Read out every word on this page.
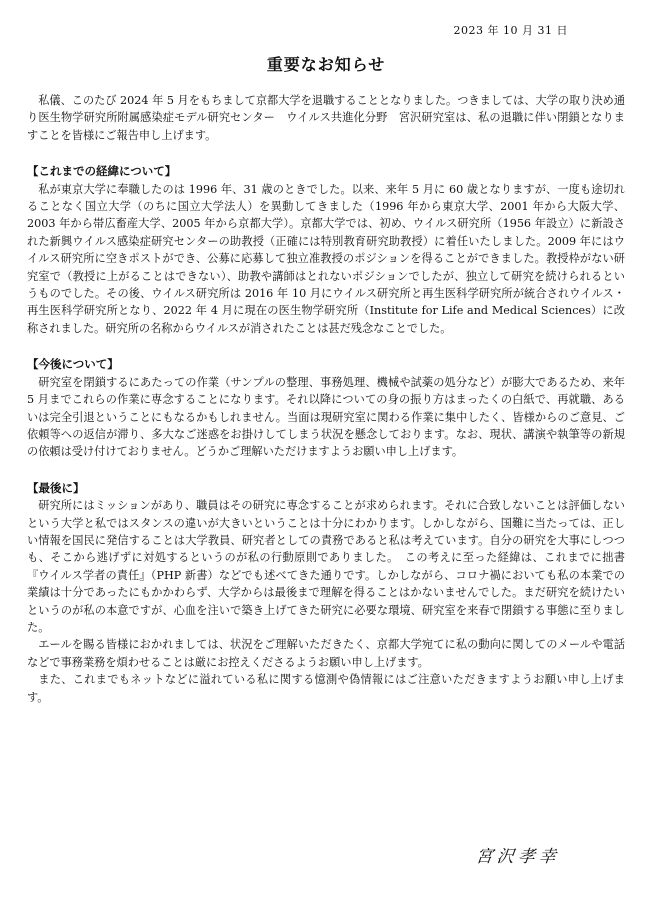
2023 年 10 月 31 日
重要なお知らせ

私儀、このたび 2024 年 5 月をもちまして京都大学を退職することとなりました。つきましては、大学の取り決め通り医生物学研究所附属感染症モデル研究センター　ウイルス共進化分野　宮沢研究室は、私の退職に伴い閉鎖となりますことを皆様にご報告申し上げます。

【これまでの経緯について】

私が東京大学に奉職したのは 1996 年、31 歳のときでした。以来、来年 5 月に 60 歳となりますが、一度も途切れることなく国立大学（のちに国立大学法人）を異動してきました（1996 年から東京大学、2001 年から大阪大学、2003 年から帯広畜産大学、2005 年から京都大学）。京都大学では、初め、ウイルス研究所（1956 年設立）に新設された新興ウイルス感染症研究センターの助教授（正確には特別教育研究助教授）に着任いたしました。2009 年にはウイルス研究所に空きポストができ、公募に応募して独立准教授のポジションを得ることができました。教授枠がない研究室で（教授に上がることはできない）、助教や講師はとれないポジションでしたが、独立して研究を続けられるというものでした。その後、ウイルス研究所は 2016 年 10 月にウイルス研究所と再生医科学研究所が統合されウイルス・再生医科学研究所となり、2022 年 4 月に現在の医生物学研究所（Institute for Life and Medical Sciences）に改称されました。研究所の名称からウイルスが消されたことは甚だ残念なことでした。

【今後について】

研究室を閉鎖するにあたっての作業（サンプルの整理、事務処理、機械や試薬の処分など）が膨大であるため、来年 5 月までこれらの作業に専念することになります。それ以降についての身の振り方はまったくの白紙で、再就職、あるいは完全引退ということにもなるかもしれません。当面は現研究室に関わる作業に集中したく、皆様からのご意見、ご依頼等への返信が滞り、多大なご迷惑をお掛けしてしまう状況を懸念しております。なお、現状、講演や執筆等の新規の依頼は受け付けておりません。どうかご理解いただけますようお願い申し上げます。

【最後に】

研究所にはミッションがあり、職員はその研究に専念することが求められます。それに合致しないことは評価しないという大学と私ではスタンスの違いが大きいということは十分にわかります。しかしながら、国難に当たっては、正しい情報を国民に発信することは大学教員、研究者としての責務であると私は考えています。自分の研究を大事にしつつも、そこから逃げずに対処するというのが私の行動原則でありました。　この考えに至った経緯は、これまでに拙書『ウイルス学者の責任』（PHP 新書）などでも述べてきた通りです。しかしながら、コロナ禍においても私の本業での業績は十分であったにもかかわらず、大学からは最後まで理解を得ることはかないませんでした。まだ研究を続けたいというのが私の本意ですが、心血を注いで築き上げてきた研究に必要な環境、研究室を来春で閉鎖する事態に至りました。

エールを賜る皆様におかれましては、状況をご理解いただきたく、京都大学宛てに私の動向に関してのメールや電話などで事務業務を煩わせることは厳にお控えくださるようお願い申し上げます。

また、これまでもネットなどに溢れている私に関する憶測や偽情報にはご注意いただきますようお願い申し上げます。

宮沢孝幸
